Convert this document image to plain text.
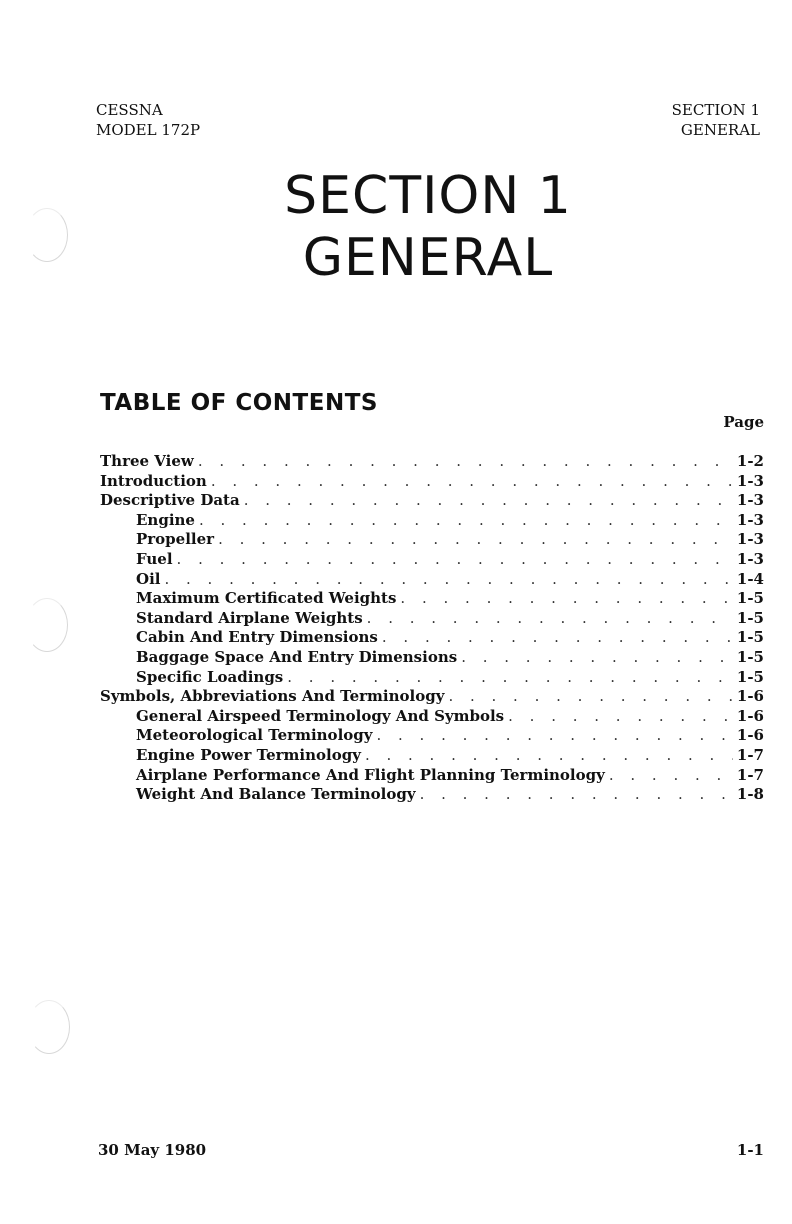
CESSNA
MODEL 172P
SECTION 1
GENERAL
SECTION 1
GENERAL
TABLE OF CONTENTS
Page
Three View . . .	1-2
Introduction . . .	1-3
Descriptive Data . . .	1-3
Engine . . .	1-3
Propeller . . .	1-3
Fuel . . .	1-3
Oil . . .	1-4
Maximum Certificated Weights . . .	1-5
Standard Airplane Weights . . .	1-5
Cabin And Entry Dimensions . . .	1-5
Baggage Space And Entry Dimensions . . .	1-5
Specific Loadings . . .	1-5
Symbols, Abbreviations And Terminology . . .	1-6
General Airspeed Terminology And Symbols . . .	1-6
Meteorological Terminology . . .	1-6
Engine Power Terminology . . .	1-7
Airplane Performance And Flight Planning Terminology . . .	1-7
Weight And Balance Terminology . . .	1-8
30 May 1980	1-1
